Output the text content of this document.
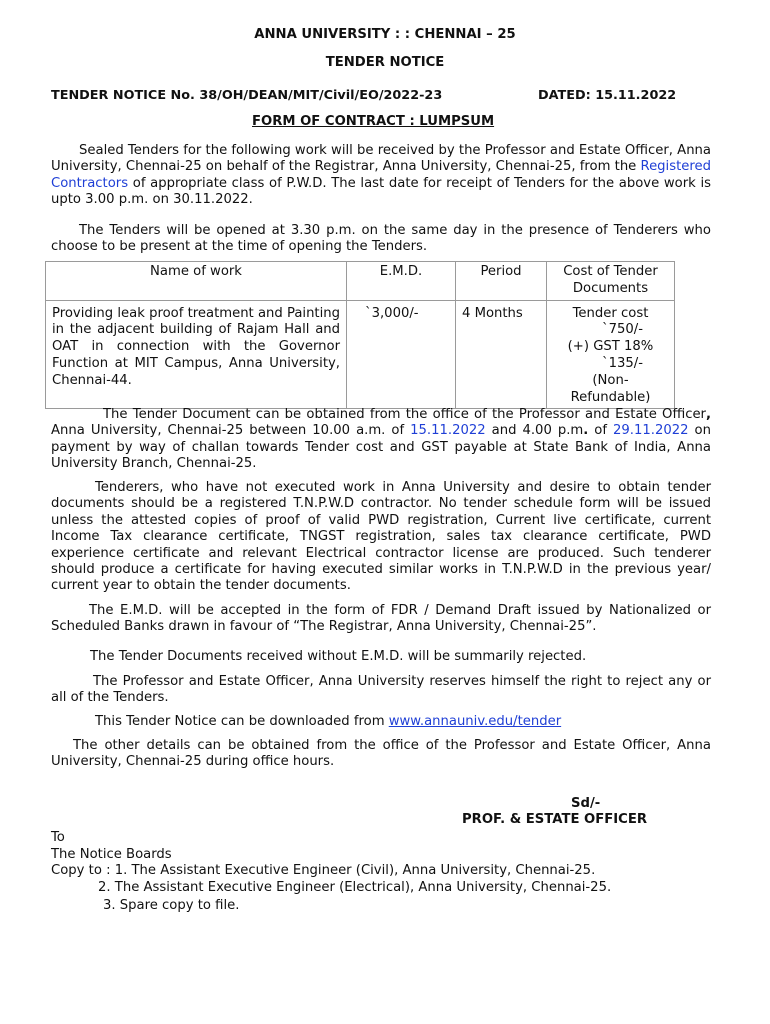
ANNA UNIVERSITY : : CHENNAI – 25
TENDER NOTICE
TENDER NOTICE No. 38/OH/DEAN/MIT/Civil/EO/2022-23	DATED: 15.11.2022
FORM OF CONTRACT : LUMPSUM
Sealed Tenders for the following work will be received by the Professor and Estate Officer, Anna University, Chennai-25 on behalf of the Registrar, Anna University, Chennai-25, from the Registered Contractors of appropriate class of P.W.D. The last date for receipt of Tenders for the above work is upto 3.00 p.m. on 30.11.2022.
The Tenders will be opened at 3.30 p.m. on the same day in the presence of Tenderers who choose to be present at the time of opening the Tenders.
Name of work	E.M.D.	Period	Cost of Tender Documents
Providing leak proof treatment and Painting in the adjacent building of Rajam Hall and OAT in connection with the Governor Function at MIT Campus, Anna University, Chennai-44.	`3,000/-	4 Months	Tender cost
`750/-
(+) GST 18%
`135/-
(Non-Refundable)
The Tender Document can be obtained from the office of the Professor and Estate Officer, Anna University, Chennai-25 between 10.00 a.m. of 15.11.2022 and 4.00 p.m. of 29.11.2022 on payment by way of challan towards Tender cost and GST payable at State Bank of India, Anna University Branch, Chennai-25.
Tenderers, who have not executed work in Anna University and desire to obtain tender documents should be a registered T.N.P.W.D contractor. No tender schedule form will be issued unless the attested copies of proof of valid PWD registration, Current live certificate, current Income Tax clearance certificate, TNGST registration, sales tax clearance certificate, PWD experience certificate and relevant Electrical contractor license are produced. Such tenderer should produce a certificate for having executed similar works in T.N.P.W.D in the previous year/ current year to obtain the tender documents.
The E.M.D. will be accepted in the form of FDR / Demand Draft issued by Nationalized or Scheduled Banks drawn in favour of “The Registrar, Anna University, Chennai-25”.
The Tender Documents received without E.M.D. will be summarily rejected.
The Professor and Estate Officer, Anna University reserves himself the right to reject any or all of the Tenders.
This Tender Notice can be downloaded from www.annauniv.edu/tender
The other details can be obtained from the office of the Professor and Estate Officer, Anna University, Chennai-25 during office hours.
Sd/-
PROF. & ESTATE OFFICER
To
The Notice Boards
Copy to : 1. The Assistant Executive Engineer (Civil), Anna University, Chennai-25.
2. The Assistant Executive Engineer (Electrical), Anna University, Chennai-25.
3. Spare copy to file.
